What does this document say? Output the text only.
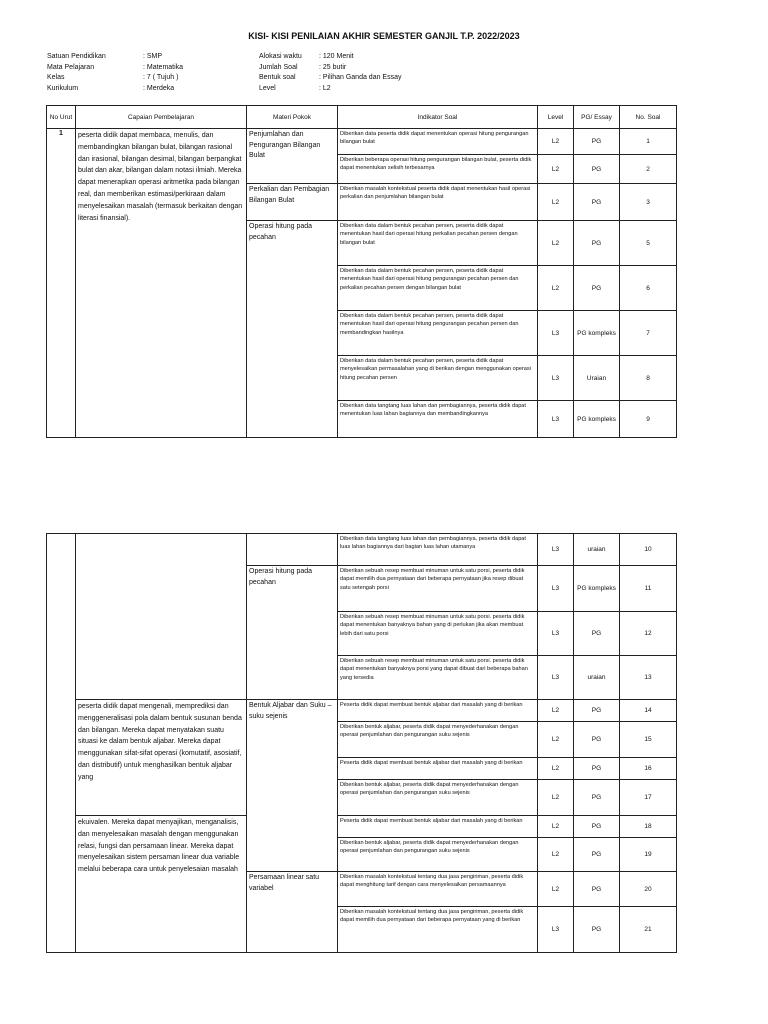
KISI- KISI PENILAIAN AKHIR SEMESTER GANJIL T.P. 2022/2023
Satuan Pendidikan	: SMP
Mata Pelajaran	: Matematika
Kelas	: 7 ( Tujuh )
Kurikulum	: Merdeka
Alokasi waktu	: 120 Menit
Jumlah Soal	: 25 butir
Bentuk soal	: Pilihan Ganda dan Essay
Level	: L2
No Urut	Capaian Pembelajaran	Materi Pokok	Indikator Soal	Level	PG/ Essay	No. Soal
1	peserta didik dapat membaca, menulis, dan membandingkan bilangan bulat, bilangan rasional dan irasional, bilangan desimal, bilangan berpangkat bulat dan akar, bilangan dalam notasi ilmiah. Mereka dapat menerapkan operasi aritmetika pada bilangan real, dan memberikan estimasi/perkiraan dalam menyelesaikan masalah (termasuk berkaitan dengan literasi finansial).	Penjumlahan dan Pengurangan Bilangan Bulat	Diberikan data peserta didik dapat menentukan operasi hitung pengurangan bilangan bulat	L2	PG	1
			Diberikan beberapa operasi hitung pengurangan bilangan bulat, peserta didik dapat menentukan selisih terbesarnya	L2	PG	2
		Perkalian dan Pembagian Bilangan Bulat	Diberikan masalah kontekstual peserta didik dapat menentukan hasil operasi perkalian dan penjumlahan bilangan bulat	L2	PG	3
		Operasi hitung pada pecahan	Diberikan data dalam bentuk pecahan persen, peserta didik dapat menentukan hasil dari operasi hitung perkalian pecahan persen dengan bilangan bulat	L2	PG	5
			Diberikan data dalam bentuk pecahan persen, peserta didik dapat menentukan hasil dari operasi hitung pengurangan pecahan persen dan perkalian pecahan persen dengan bilangan bulat	L2	PG	6
			Diberikan data dalam bentuk pecahan persen, peserta didik dapat menentukan hasil dari operasi hitung pengurangan pecahan persen dan membandingkan hasilnya	L3	PG kompleks	7
			Diberikan data dalam bentuk pecahan persen, peserta didik dapat menyelesaikan permasalahan yang di berikan dengan menggunakan operasi hitung pecahan persen	L3	Uraian	8
			Diberikan data tangtang luas lahan dan pembagiannya, peserta didik dapat menentukan luas lahan bagiannya dan membandingkannya	L3	PG kompleks	9
			Diberikan data tangtang luas lahan dan pembagiannya, peserta didik dapat luas lahan bagiannya dari bagian luas lahan utamanya	L3	uraian	10
		Operasi hitung pada pecahan	Diberikan sebuah resep membuat minuman untuk satu porsi, peserta didik dapat memilih dua pernyataan dari beberapa pernyataan jika resep dibuat satu setengah porsi	L3	PG kompleks	11
			Diberikan sebuah resep membuat minuman untuk satu porsi. peserta didik dapat menentukan banyaknya bahan yang di perlukan jika akan membuat lebih dari satu porsi	L3	PG	12
			Diberikan sebuah resep membuat minuman untuk satu porsi. peserta didik dapat menentukan banyaknya porsi yang dapat dibuat dari beberapa bahan yang tersedia	L3	uraian	13
	peserta didik dapat mengenali, memprediksi dan menggeneralisasi pola dalam bentuk susunan benda dan bilangan. Mereka dapat menyatakan suatu situasi ke dalam bentuk aljabar. Mereka dapat menggunakan sifat-sifat operasi (komutatif, asosiatif, dan distributif) untuk menghasilkan bentuk aljabar yang	Bentuk Aljabar dan Suku –suku sejenis	Peserta didik dapat membuat bentuk aljabar dari masalah yang di berikan	L2	PG	14
			Diberikan bentuk aljabar, peserta didik dapat menyederhanakan dengan operasi penjumlahan dan pengurangan suku sejenis	L2	PG	15
			Peserta didik dapat membuat bentuk aljabar dari masalah yang di berikan	L2	PG	16
			Diberikan bentuk aljabar, peserta didik dapat menyederhanakan dengan operasi penjumlahan dan pengurangan suku sejenis	L2	PG	17
	ekuivalen. Mereka dapat menyajikan, menganalisis, dan menyelesaikan masalah dengan menggunakan relasi, fungsi dan persamaan linear. Mereka dapat menyelesaikan sistem persaman linear dua variable melalui beberapa cara untuk penyelesaian masalah		Peserta didik dapat membuat bentuk aljabar dari masalah yang di berikan	L2	PG	18
			Diberikan bentuk aljabar, peserta didik dapat menyederhanakan dengan operasi penjumlahan dan pengurangan suku sejenis	L2	PG	19
		Persamaan linear satu variabel	Diberikan masalah kontekstual tentang dua jasa pengiriman, peserta didik dapat menghitung tarif dengan cara menyelesaikan persamaannya	L2	PG	20
			Diberikan masalah kontekstual tentang dua jasa pengiriman, peserta didik dapat memilih dua pernyataan dari beberapa pernyataan yang di berikan	L3	PG	21
